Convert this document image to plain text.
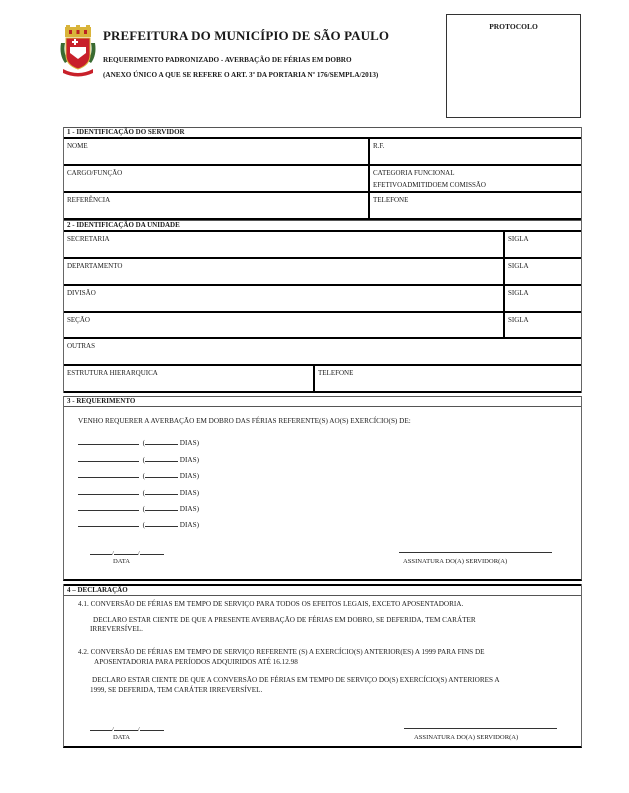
PREFEITURA DO MUNICÍPIO DE SÃO PAULO
REQUERIMENTO PADRONIZADO - AVERBAÇÃO DE FÉRIAS EM DOBRO
(ANEXO ÚNICO A QUE SE REFERE O ART. 3º DA PORTARIA Nº 176/SEMPLA/2013)
PROTOCOLO
1 - IDENTIFICAÇÃO DO SERVIDOR
NOME	R.F.
CARGO/FUNÇÃO	CATEGORIA FUNCIONAL
EFETIVOADMITIDOEM COMISSÃO
REFERÊNCIA	TELEFONE
2 - IDENTIFICAÇÃO DA UNIDADE
SECRETARIA	SIGLA
DEPARTAMENTO	SIGLA
DIVISÃO	SIGLA
SEÇÃO	SIGLA
OUTRAS
ESTRUTURA HIERARQUICA	TELEFONE
3 - REQUERIMENTO
VENHO REQUERER A AVERBAÇÃO EM DOBRO DAS FÉRIAS REFERENTE(S) AO(S) EXERCÍCIO(S) DE:
(	DIAS)
(	DIAS)
(	DIAS)
(	DIAS)
(	DIAS)
(	DIAS)
/	/
DATA	ASSINATURA DO(A) SERVIDOR(A)
4 – DECLARAÇÃO

4.1. CONVERSÃO DE FÉRIAS EM TEMPO DE SERVIÇO PARA TODOS OS EFEITOS LEGAIS, EXCETO APOSENTADORIA.

DECLARO ESTAR CIENTE DE QUE A PRESENTE AVERBAÇÃO DE FÉRIAS EM DOBRO, SE DEFERIDA, TEM CARÁTER

IRREVERSÍVEL.

4.2. CONVERSÃO DE FÉRIAS EM TEMPO DE SERVIÇO REFERENTE (S) A EXERCÍCIO(S) ANTERIOR(ES) A 1999 PARA FINS DE

APOSENTADORIA PARA PERÍODOS ADQUIRIDOS ATÉ 16.12.98

DECLARO ESTAR CIENTE DE QUE A CONVERSÃO DE FÉRIAS EM TEMPO DE SERVIÇO DO(S) EXERCÍCIO(S) ANTERIORES A

1999, SE DEFERIDA, TEM CARÁTER IRREVERSÍVEL.

/	/
DATA	ASSINATURA DO(A) SERVIDOR(A)
